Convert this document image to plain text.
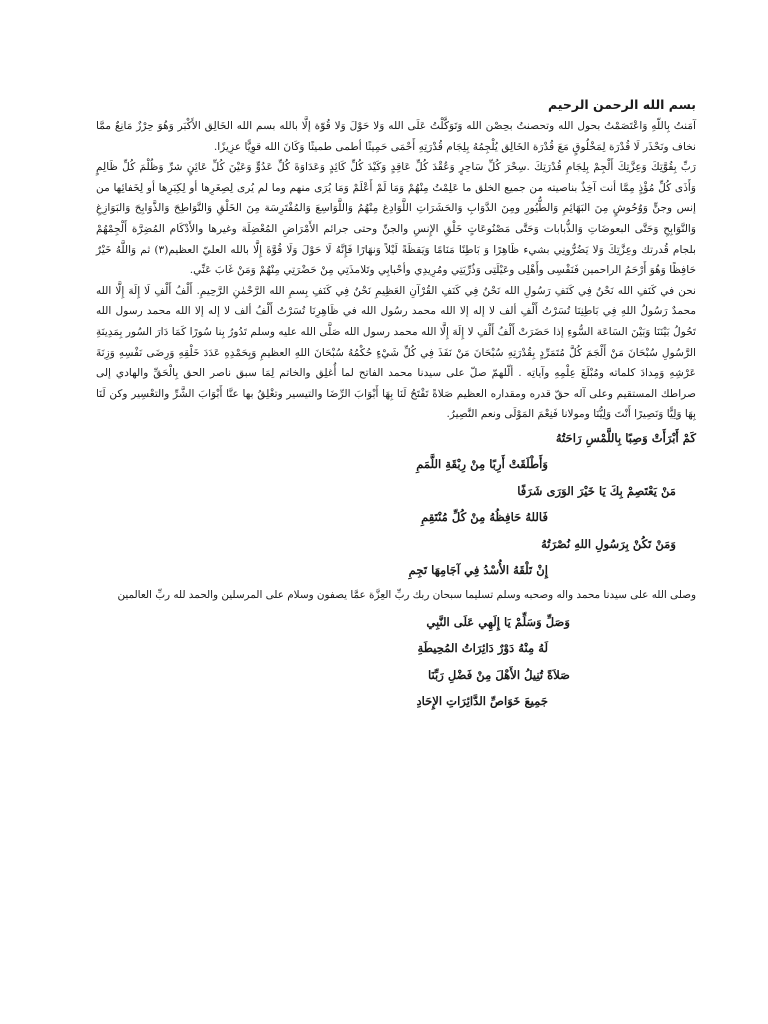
بسم الله الرحمن الرحيم

آمَنتُ بِاللّهِ وَاعْتَصَمْتُ بحول الله وتحصنتُ بحِصْن الله وَتَوَكَّلْتُ عَلَى الله وَلا حَوْلَ وَلا قُوّة إلَّا بالله بسم الله الخَالِق الأَكْبَر وَهُوَ حِرْزٌ مَانِعٌ ممَّا نخاف ونَحْذَر لَا قُدْرَة لِمَخْلُوقٍ مَعَ قُدْرَة الخَالِق يُلْجِمُهُ بِلِجَام قُدْرَتِهِ أَحْمَى حَمِيثًا أطمى طميثًا وَكَانَ الله قوِيًّا عزِيزًا.

رَبِّ بِقُوَّتِكَ وَعِزَّتِكَ أَلْجِمْ بِلِجَامِ قُدْرَتِكَ .سِحْرَ كُلِّ سَاحِرٍ وَعُقْدَ كُلِّ عَاقِدٍ وَكَيْدَ كُلِّ كَائِدٍ وَعَدَاوَةَ كُلِّ عَدُوٍّ وَعَيْنَ كُلِّ عَائِنٍ شرِّ وَظُلْمَ كُلِّ ظَالِمٍ وَأَذَى كُلِّ مُؤْذٍ مِمَّا أنت آخِذٌ بناصيته من جميع الخلق ما عَلِمْتُ مِنْهُمْ وَمَا لَمْ أَعْلَمْ وَمَا يُرَى منهم وما لم يُرى لِصِغَرِها أو لِكِبَرِها أو لِخَفائِها من إنس وجنٍّ وَوُحُوشٍ مِنَ البَهَائِمِ وَالطُّيُورِ ومِنَ الدَّوَابِ وَالحَشَرَاتِ اللَّوَادِغ مِنْهُمُ وَاللَّوَاسِعَ وَالمُفْتَرِسَة مِنَ الخَلْقِ وَالنَّوَاطِحَ وَالذَّوَابِحَ وَالبَوَازِغِ وَالنَّوَابِحِ وَحَتَّى البعوضَاتِ وَالذُّبابات وَحَتَّى مَصْنُوعَاتٍ خَلْقِ الإِنسِ والجنِّ وحتى جرائم الأَمْرَاضِ المُعْضِلَة وغيرها والأَدْكَام المُضِرَّة أَلْجِمْهُمْ بلجام قُدرتك وعِزَّتِكَ وَلا يَضُرُّونِي بشيء ظَاهِرًا وَ بَاطِنًا مَنَامًا وَيَقظَةً لَيْلاً وَنهَارًا فَإِنَّهُ لَا حَوْلَ وَلَا قُوَّةَ إِلَّا بالله العليّ العظيم(٣) ثم وَاللَّهُ خَيْرٌ حَافِظًا وَهُوَ أَرْحَمُ الراحمين فَنَفْسِى وأَهْلِى وعَيْلَتِى وَذُرِّيَتِي ومُرِيدِي وأحْبابِي وتَلامذَتِي مِنْ حَضْرَتِي مِنْهُمْ وَمَنْ غَابَ عَنِّي.

نحن في كَنَفِ الله نَحْنُ فِي كَنَفِ رَسُولِ الله نَحْنُ فِي كَنَفِ القُرْآنِ العَظِيمِ نَحْنُ فِي كَنَفِ بِسمِ الله الرَّحْمٰنِ الرَّحِيمِ. أَلْفُ أَلْفِ لَا إِلَهَ إِلَّا الله محمدٌ رَسُولُ اللهِ فِي بَاطِنِنَا تُسَرْتُ أَلْفِ ألف لا إله إلا الله محمد رسُول الله في ظَاهِرِنَا تُسَرْتُ أَلْفُ ألف لا إله إلا الله محمد رسول الله تَحُولُ بَيْنَنَا وَبَيْنَ السَاعَة السُّوءِ إذا حَضَرَتْ أَلْفُ أَلْفِ لا إِلَهَ إِلَّا الله محمد رسول الله صَلَّى الله عليه وسلم تَدُورُ بِنا سُورًا كَمَا دَارَ السُور بِمَدِينَةِ الرَّسُولِ سُبْحَانَ مَنْ أَلْجَمَ كُلَّ مُتَمَرِّدٍ بِقُدْرَتِهِ سُبْحَانَ مَنْ نَفَذَ فِي كُلِّ شَيْءٍ حُكْمُهُ سُبْحَانَ اللهِ العظيمِ وَبِحَمْدِهِ عَدَدَ خَلْقِهِ وَرِضَى نَفْسِهِ وَزِنَةَ عَرْشِهِ وَمِدادَ كلماته ومُبْلَغَ عِلْمِهِ وآياتِه . ألّلهمّ صلّ على سيدنا محمد الفاتح لما أُغلِق والخاتم لِمَا سبق ناصر الحق بِالْحَقِّ والهادي إلى صراطك المستقيم وعلى آله حقّ قدره ومقداره العظيم صَلاةً تَفْتَحُ لَنَا بِهَا أَبْوَابَ الرِّضَا والتيسير وتغْلِقُ بها عنَّا أَبْوَابَ الشَّرِّ والتعْسِير وكن لَنَا بِهَا وَلِيًّا وَنَصِيرًا أَنْتَ وَلِيُّنَا ومولانا فَنِعْمَ المَوْلَى ونعم النَّصِيرُ.

كَمْ أَبْرَأَتْ وَصِبًا بِاللَّمْسِ رَاحَتُهُ
وَأَطْلَقَتْ أَرِبًا مِنْ رِبْقَةِ اللَّمَمِ
مَنْ يَعْتَصِمْ بِكَ يَا خَيْرَ الوَرَى شَرَفًا
فَاللهُ حَافِظُهُ مِنْ كُلِّ مُنْتَقِمِ
وَمَنْ تَكُنْ بِرَسُولِ اللهِ نُصْرَتُهُ
إِنْ تَلْقَهُ الأُسْدُ فِي آجَامِهَا تَجِمِ
وصلى الله على سيدنا محمد واله وصحبه وسلم تسليما سبحان ربك ربِّ العِزَّة عمَّا يصفون وسلام على المرسلين والحمد لله ربِّ العالمين
وَصَلِّ وَسَلِّمْ يَا إِلَهِي عَلَى النَّبِي
لَهُ مِنْهُ دَوْرٌ دَائِرَاتُ المُحِيطَةِ
صَلاَةً تُنِيلُ الأَهْلَ مِنْ فَضْلِ رَبِّنَا
جَمِيعَ خَوَاصِّ الدَّائِرَاتِ الإِحَادِ
